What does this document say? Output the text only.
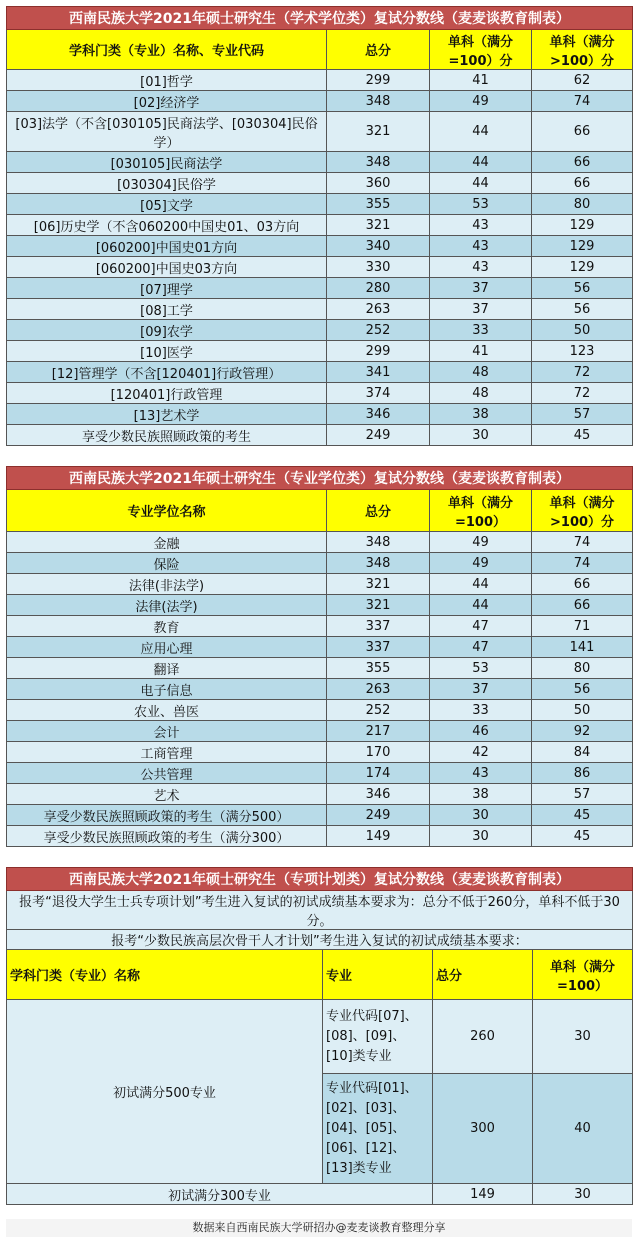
西南民族大学2021年硕士研究生（学术学位类）复试分数线（麦麦谈教育制表）			
学科门类（专业）名称、专业代码	总分	单科（满分=100）分	单科（满分>100）分
[01]哲学	299	41	62
[02]经济学	348	49	74
[03]法学（不含[030105]民商法学、[030304]民俗学）	321	44	66
[030105]民商法学	348	44	66
[030304]民俗学	360	44	66
[05]文学	355	53	80
[06]历史学（不含060200中国史01、03方向	321	43	129
[060200]中国史01方向	340	43	129
[060200]中国史03方向	330	43	129
[07]理学	280	37	56
[08]工学	263	37	56
[09]农学	252	33	50
[10]医学	299	41	123
[12]管理学（不含[120401]行政管理）	341	48	72
[120401]行政管理	374	48	72
[13]艺术学	346	38	57
享受少数民族照顾政策的考生	249	30	45
西南民族大学2021年硕士研究生（专业学位类）复试分数线（麦麦谈教育制表）			
专业学位名称	总分	单科（满分=100）	单科（满分>100）分
金融	348	49	74
保险	348	49	74
法律(非法学)	321	44	66
法律(法学)	321	44	66
教育	337	47	71
应用心理	337	47	141
翻译	355	53	80
电子信息	263	37	56
农业、兽医	252	33	50
会计	217	46	92
工商管理	170	42	84
公共管理	174	43	86
艺术	346	38	57
享受少数民族照顾政策的考生（满分500）	249	30	45
享受少数民族照顾政策的考生（满分300）	149	30	45
西南民族大学2021年硕士研究生（专项计划类）复试分数线（麦麦谈教育制表）			
报考“退役大学生士兵专项计划”考生进入复试的初试成绩基本要求为：总分不低于260分，单科不低于30分。			
报考“少数民族高层次骨干人才计划”考生进入复试的初试成绩基本要求：			
学科门类（专业）名称	专业	总分	单科（满分=100）
初试满分500专业	专业代码[07]、[08]、[09]、[10]类专业	260	30
	专业代码[01]、[02]、[03]、[04]、[05]、[06]、[12]、[13]类专业	300	40
初试满分300专业		149	30
数据来自西南民族大学研招办@麦麦谈教育整理分享
